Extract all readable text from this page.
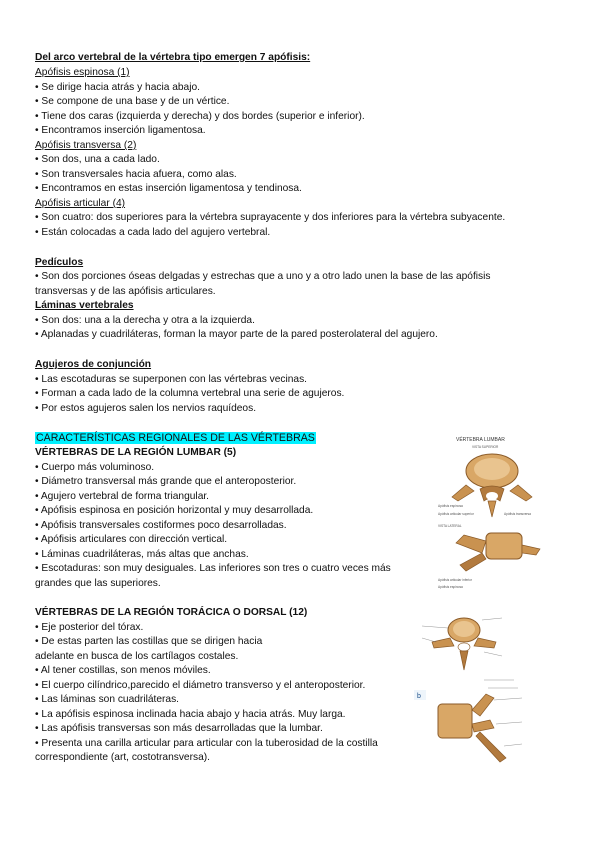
Del arco vertebral de la vértebra tipo emergen 7 apófisis:
Apófisis espinosa (1)
• Se dirige hacia atrás y hacia abajo.
• Se compone de una base y de un vértice.
• Tiene dos caras (izquierda y derecha) y dos bordes (superior e inferior).
• Encontramos inserción ligamentosa.
Apófisis transversa (2)
• Son dos, una a cada lado.
• Son transversales hacia afuera, como alas.
• Encontramos en estas inserción ligamentosa y tendinosa.
Apófisis articular (4)
• Son cuatro: dos superiores para la vértebra suprayacente y dos inferiores para la vértebra subyacente.
• Están colocadas a cada lado del agujero vertebral.
Pedículos
• Son dos porciones óseas delgadas y estrechas que a uno y a otro lado unen la base de las apófisis
transversas y de las apófisis articulares.
Láminas vertebrales
• Son dos: una a la derecha y otra a la izquierda.
• Aplanadas y cuadriláteras, forman la mayor parte de la pared posterolateral del agujero.
Agujeros de conjunción
• Las escotaduras se superponen con las vértebras vecinas.
• Forman a cada lado de la columna vertebral una serie de agujeros.
• Por estos agujeros salen los nervios raquídeos.
CARACTERÍSTICAS REGIONALES DE LAS VÉRTEBRAS
VÉRTEBRAS DE LA REGIÓN LUMBAR (5)
• Cuerpo más voluminoso.
• Diámetro transversal más grande que el anteroposterior.
• Agujero vertebral de forma triangular.
• Apófisis espinosa en posición horizontal y muy desarrollada.
• Apófisis transversales costiformes poco desarrolladas.
• Apófisis articulares con dirección vertical.
• Láminas cuadriláteras, más altas que anchas.
• Escotaduras: son muy desiguales. Las inferiores son tres o cuatro veces más
grandes que las superiores.
VÉRTEBRA LUMBAR
VISTA SUPERIOR
Apófisis espinosa
Apófisis articular superior	Apófisis transversa
VISTA LATERAL
Apófisis articular inferior
Apófisis espinosa
VÉRTEBRAS DE LA REGIÓN TORÁCICA O DORSAL (12)
• Eje posterior del tórax.
• De estas parten las costillas que se dirigen hacia
adelante en busca de los cartílagos costales.
• Al tener costillas, son menos móviles.
• El cuerpo cilíndrico,parecido el diámetro transverso y el anteroposterior.
• Las láminas son cuadriláteras.
• La apófisis espinosa inclinada hacia abajo y hacia atrás. Muy larga.
• Las apófisis transversas son más desarrolladas que la lumbar.
• Presenta una carilla articular para articular con la tuberosidad de la costilla
correspondiente (art, costotransversa).
b
